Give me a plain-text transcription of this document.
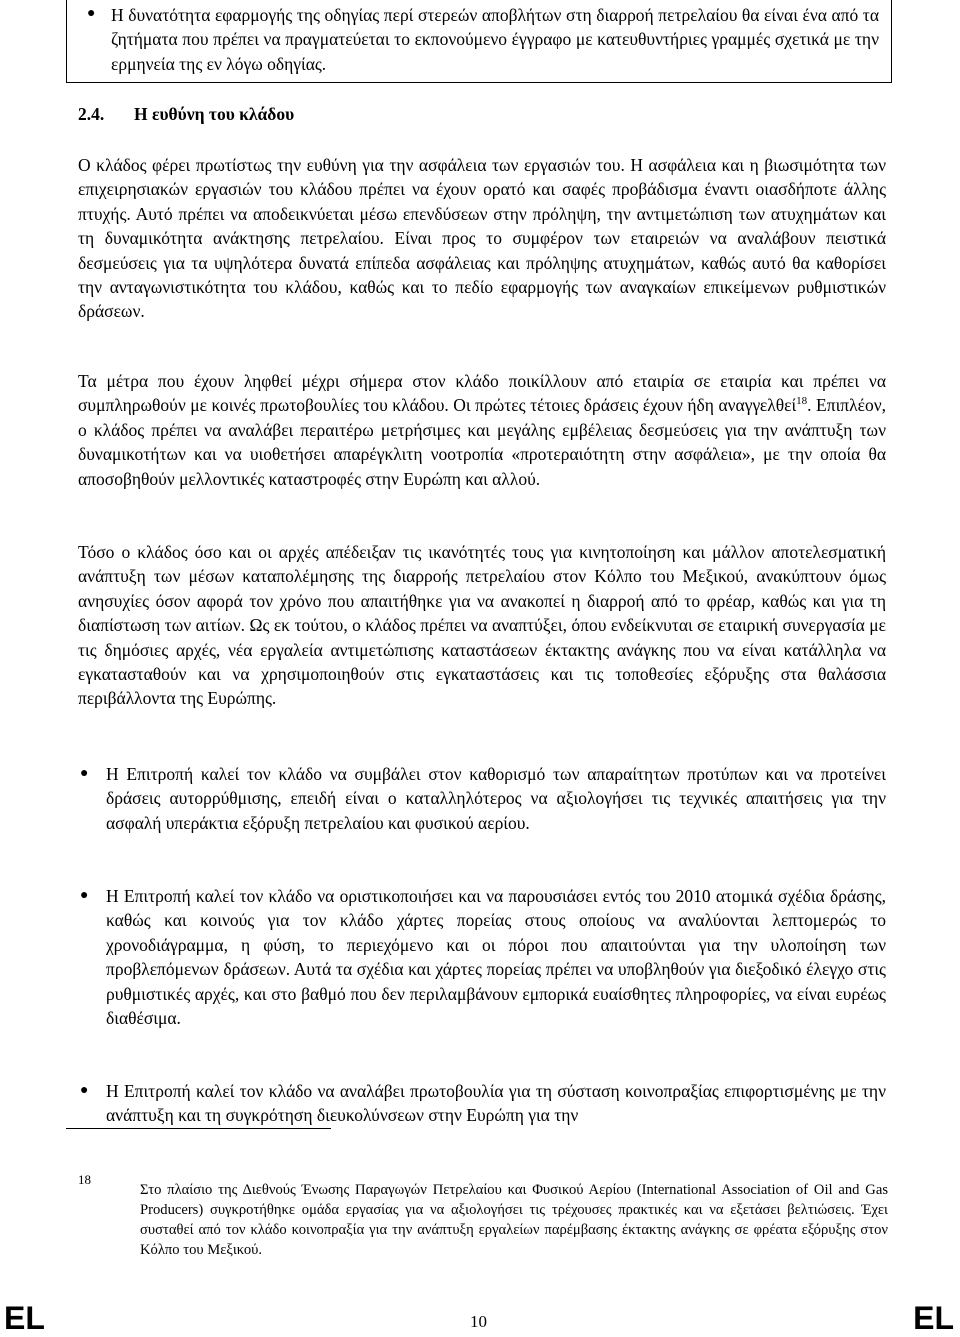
● Η δυνατότητα εφαρμογής της οδηγίας περί στερεών αποβλήτων στη διαρροή πετρελαίου θα είναι ένα από τα ζητήματα που πρέπει να πραγματεύεται το εκπονούμενο έγγραφο με κατευθυντήριες γραμμές σχετικά με την ερμηνεία της εν λόγω οδηγίας.
2.4. Η ευθύνη του κλάδου
Ο κλάδος φέρει πρωτίστως την ευθύνη για την ασφάλεια των εργασιών του. Η ασφάλεια και η βιωσιμότητα των επιχειρησιακών εργασιών του κλάδου πρέπει να έχουν ορατό και σαφές προβάδισμα έναντι οιασδήποτε άλλης πτυχής. Αυτό πρέπει να αποδεικνύεται μέσω επενδύσεων στην πρόληψη, την αντιμετώπιση των ατυχημάτων και τη δυναμικότητα ανάκτησης πετρελαίου. Είναι προς το συμφέρον των εταιρειών να αναλάβουν πειστικά δεσμεύσεις για τα υψηλότερα δυνατά επίπεδα ασφάλειας και πρόληψης ατυχημάτων, καθώς αυτό θα καθορίσει την ανταγωνιστικότητα του κλάδου, καθώς και το πεδίο εφαρμογής των αναγκαίων επικείμενων ρυθμιστικών δράσεων.
Τα μέτρα που έχουν ληφθεί μέχρι σήμερα στον κλάδο ποικίλλουν από εταιρία σε εταιρία και πρέπει να συμπληρωθούν με κοινές πρωτοβουλίες του κλάδου. Οι πρώτες τέτοιες δράσεις έχουν ήδη αναγγελθεί$^{18}$. Επιπλέον, ο κλάδος πρέπει να αναλάβει περαιτέρω μετρήσιμες και μεγάλης εμβέλειας δεσμεύσεις για την ανάπτυξη των δυναμικοτήτων και να υιοθετήσει απαρέγκλιτη νοοτροπία «προτεραιότητη στην ασφάλεια», με την οποία θα αποσοβηθούν μελλοντικές καταστροφές στην Ευρώπη και αλλού.
Τόσο ο κλάδος όσο και οι αρχές απέδειξαν τις ικανότητές τους για κινητοποίηση και μάλλον αποτελεσματική ανάπτυξη των μέσων καταπολέμησης της διαρροής πετρελαίου στον Κόλπο του Μεξικού, ανακύπτουν όμως ανησυχίες όσον αφορά τον χρόνο που απαιτήθηκε για να ανακοπεί η διαρροή από το φρέαρ, καθώς και για τη διαπίστωση των αιτίων. Ως εκ τούτου, ο κλάδος πρέπει να αναπτύξει, όπου ενδείκνυται σε εταιρική συνεργασία με τις δημόσιες αρχές, νέα εργαλεία αντιμετώπισης καταστάσεων έκτακτης ανάγκης που να είναι κατάλληλα να εγκατασταθούν και να χρησιμοποιηθούν στις εγκαταστάσεις και τις τοποθεσίες εξόρυξης στα θαλάσσια περιβάλλοντα της Ευρώπης.
● Η Επιτροπή καλεί τον κλάδο να συμβάλει στον καθορισμό των απαραίτητων προτύπων και να προτείνει δράσεις αυτορρύθμισης, επειδή είναι ο καταλληλότερος να αξιολογήσει τις τεχνικές απαιτήσεις για την ασφαλή υπεράκτια εξόρυξη πετρελαίου και φυσικού αερίου.
● Η Επιτροπή καλεί τον κλάδο να οριστικοποιήσει και να παρουσιάσει εντός του 2010 ατομικά σχέδια δράσης, καθώς και κοινούς για τον κλάδο χάρτες πορείας στους οποίους να αναλύονται λεπτομερώς το χρονοδιάγραμμα, η φύση, το περιεχόμενο και οι πόροι που απαιτούνται για την υλοποίηση των προβλεπόμενων δράσεων. Αυτά τα σχέδια και χάρτες πορείας πρέπει να υποβληθούν για διεξοδικό έλεγχο στις ρυθμιστικές αρχές, και στο βαθμό που δεν περιλαμβάνουν εμπορικά ευαίσθητες πληροφορίες, να είναι ευρέως διαθέσιμα.
● Η Επιτροπή καλεί τον κλάδο να αναλάβει πρωτοβουλία για τη σύσταση κοινοπραξίας επιφορτισμένης με την ανάπτυξη και τη συγκρότηση διευκολύνσεων στην Ευρώπη για την
18
Στο πλαίσιο της Διεθνούς Ένωσης Παραγωγών Πετρελαίου και Φυσικού Αερίου (International Association of Oil and Gas Producers) συγκροτήθηκε ομάδα εργασίας για να αξιολογήσει τις τρέχουσες πρακτικές και να εξετάσει βελτιώσεις. Έχει συσταθεί από τον κλάδο κοινοπραξία για την ανάπτυξη εργαλείων παρέμβασης έκτακτης ανάγκης σε φρέατα εξόρυξης στον Κόλπο του Μεξικού.
EL	10	EL
